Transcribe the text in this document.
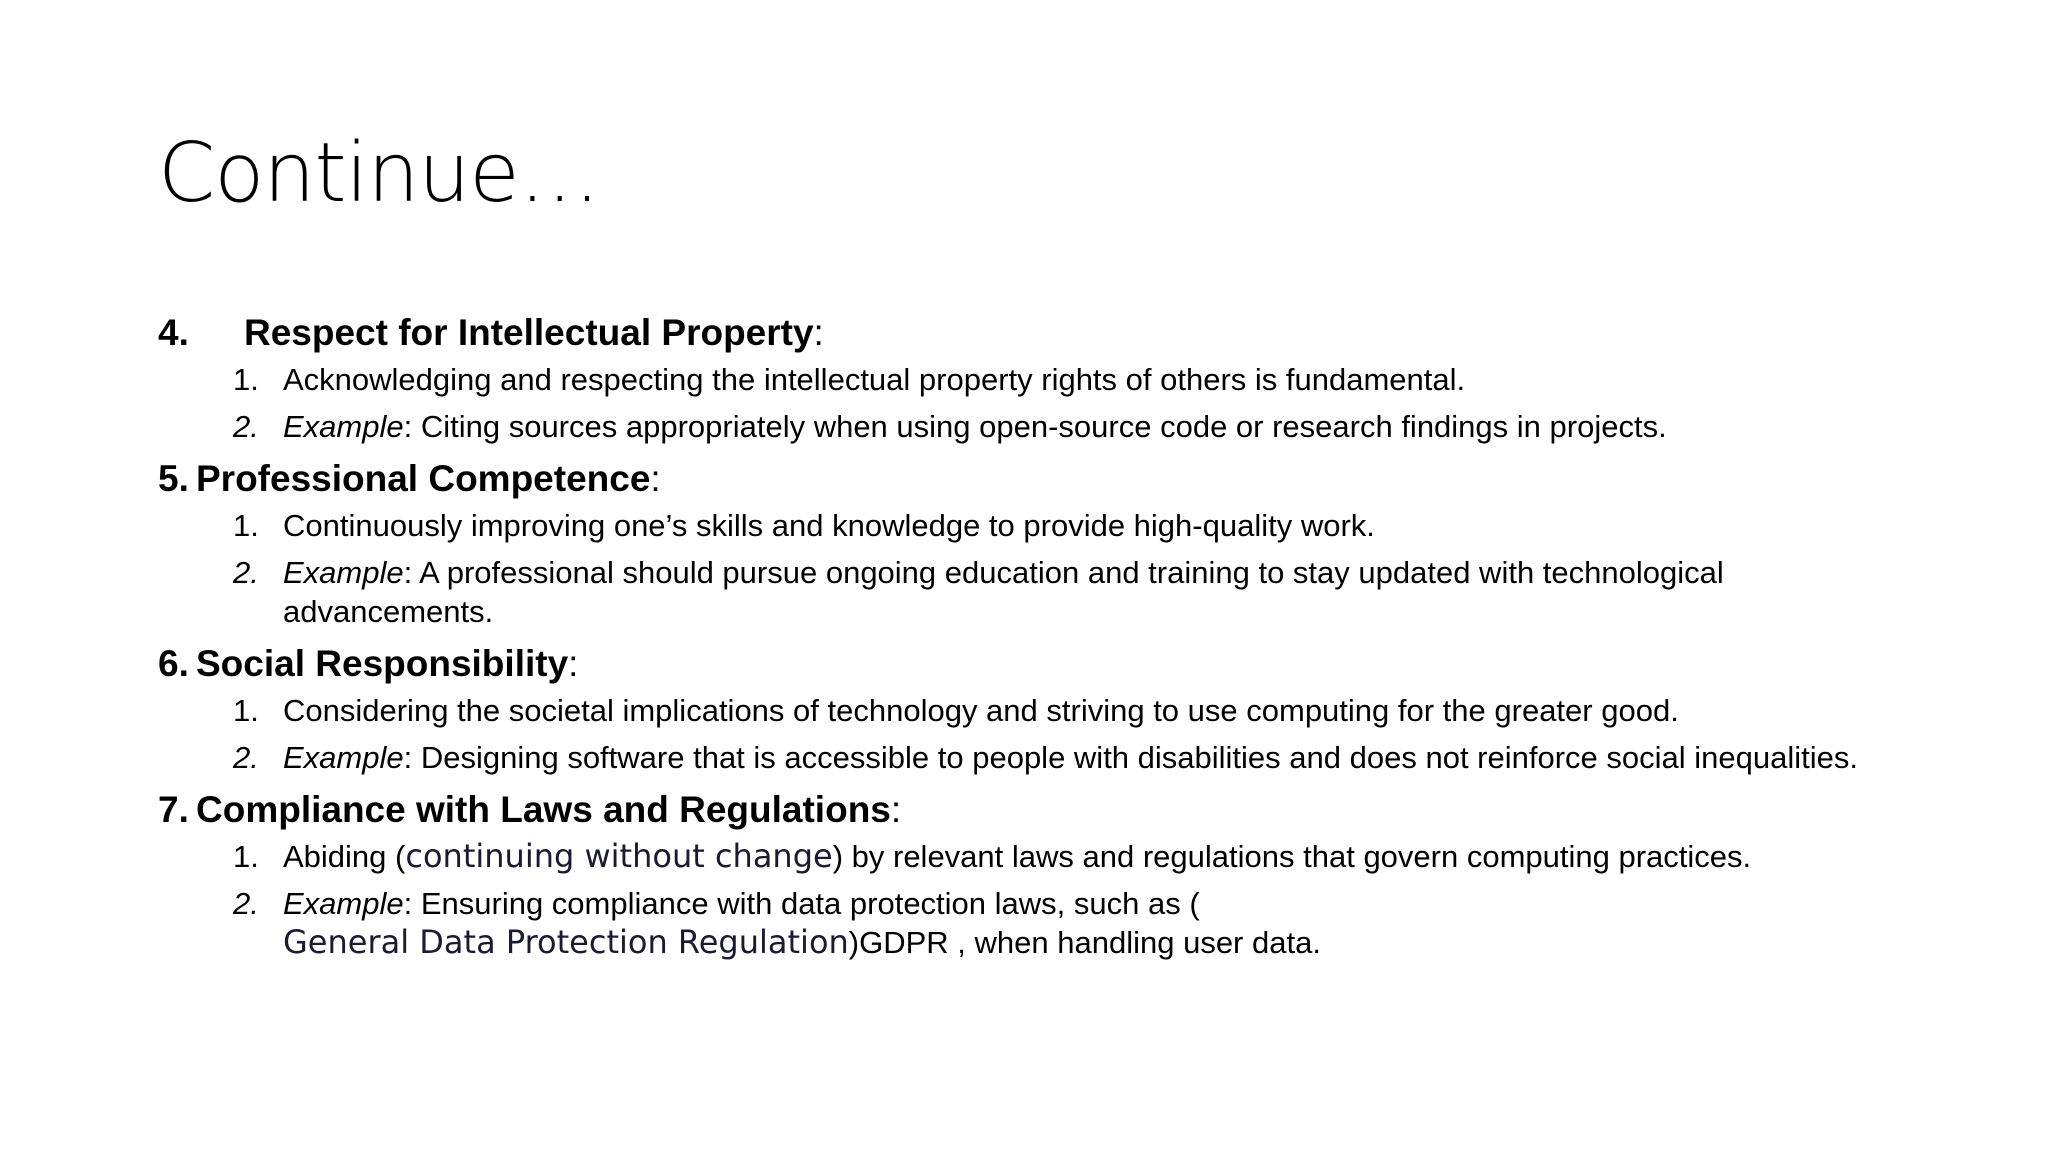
Continue…
4. Respect for Intellectual Property:
1. Acknowledging and respecting the intellectual property rights of others is fundamental.
2. Example: Citing sources appropriately when using open-source code or research findings in projects.
5. Professional Competence:
1. Continuously improving one’s skills and knowledge to provide high-quality work.
2. Example: A professional should pursue ongoing education and training to stay updated with technological advancements.
6. Social Responsibility:
1. Considering the societal implications of technology and striving to use computing for the greater good.
2. Example: Designing software that is accessible to people with disabilities and does not reinforce social inequalities.
7. Compliance with Laws and Regulations:
1. Abiding (continuing without change) by relevant laws and regulations that govern computing practices.
2. Example: Ensuring compliance with data protection laws, such as (
General Data Protection Regulation)GDPR , when handling user data.
